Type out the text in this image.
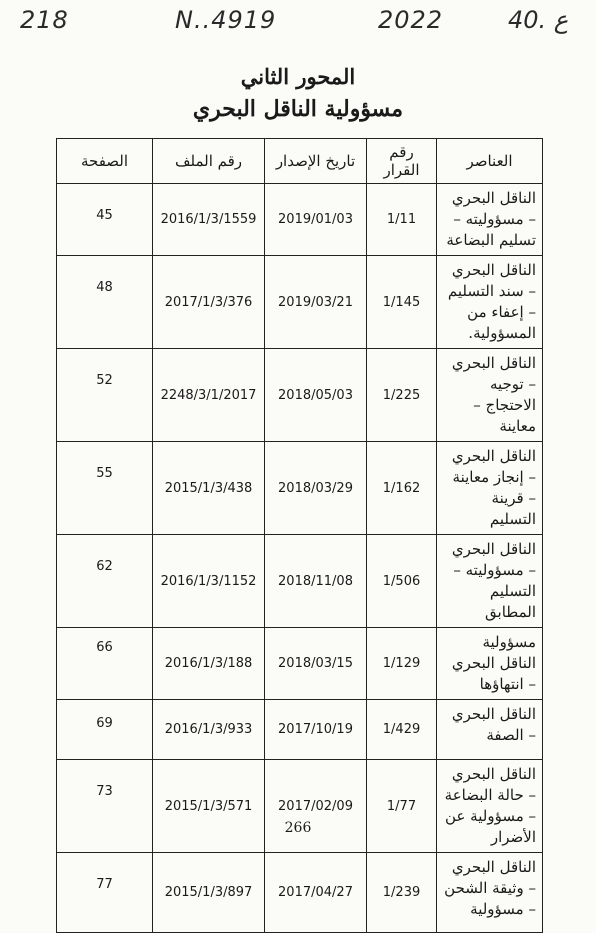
218	N..4919	2022	ع .40
المحور الثاني
مسؤولية الناقل البحري
العناصر	رقم القرار	تاريخ الإصدار	رقم الملف	الصفحة
الناقل البحري – مسؤوليته – تسليم البضاعة	1/11	2019/01/03	2016/1/3/1559	45
الناقل البحري – سند التسليم – إعفاء من المسؤولية.	1/145	2019/03/21	2017/1/3/376	48
الناقل البحري – توجيه الاحتجاج – معاينة	1/225	2018/05/03	2248/3/1/2017	52
الناقل البحري – إنجاز معاينة – قرينة التسليم	1/162	2018/03/29	2015/1/3/438	55
الناقل البحري – مسؤوليته – التسليم المطابق	1/506	2018/11/08	2016/1/3/1152	62
مسؤولية الناقل البحري – انتهاؤها	1/129	2018/03/15	2016/1/3/188	66
الناقل البحري – الصفة	1/429	2017/10/19	2016/1/3/933	69
الناقل البحري – حالة البضاعة – مسؤولية عن الأضرار	1/77	2017/02/09	2015/1/3/571	73
الناقل البحري – وثيقة الشحن – مسؤولية	1/239	2017/04/27	2015/1/3/897	77
266
